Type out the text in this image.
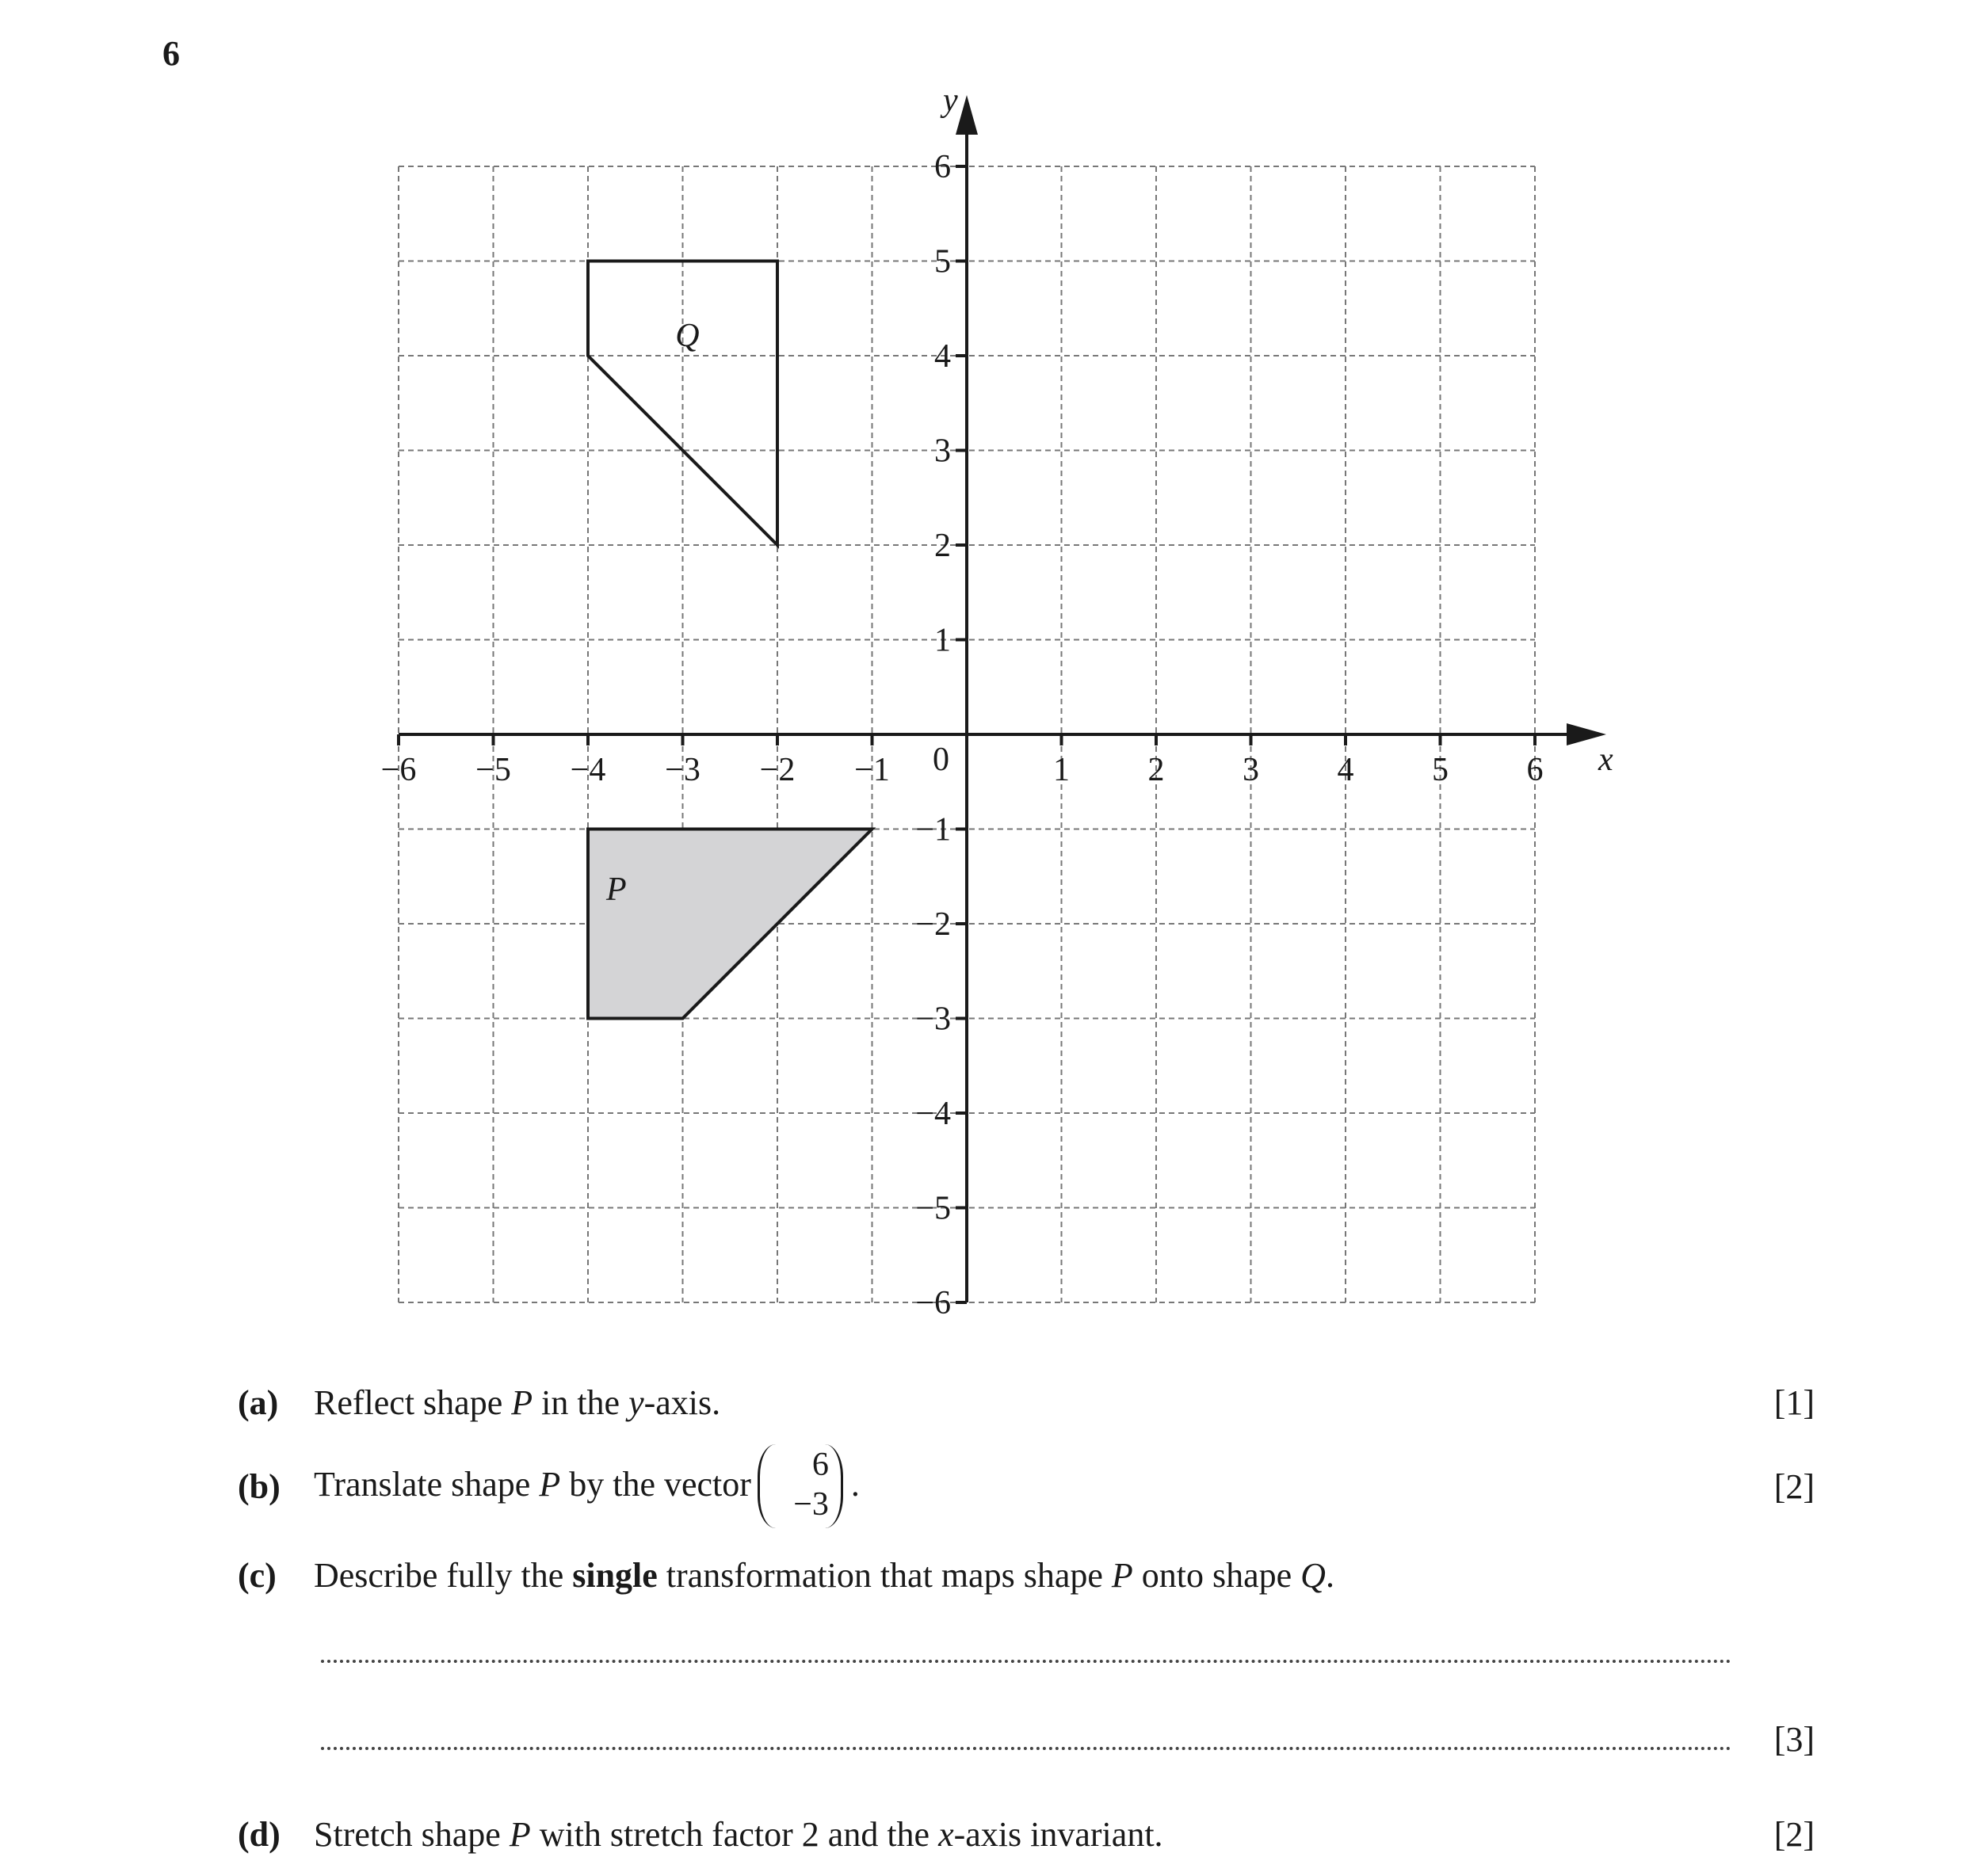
6
P
Q
−6 −5 −4 −3 −2 −1	1 2 3 4 5 6
6
5
4
3
2
1
−1
−2
−3
−4
−5
−6
0	x
y
(a) Reflect shape P in the y-axis.	[1]
(b) Translate shape P by the vector
6
−3
.	[2]
(c) Describe fully the single transformation that maps shape P onto shape Q.
[3]
(d) Stretch shape P with stretch factor 2 and the x-axis invariant.	[2]
